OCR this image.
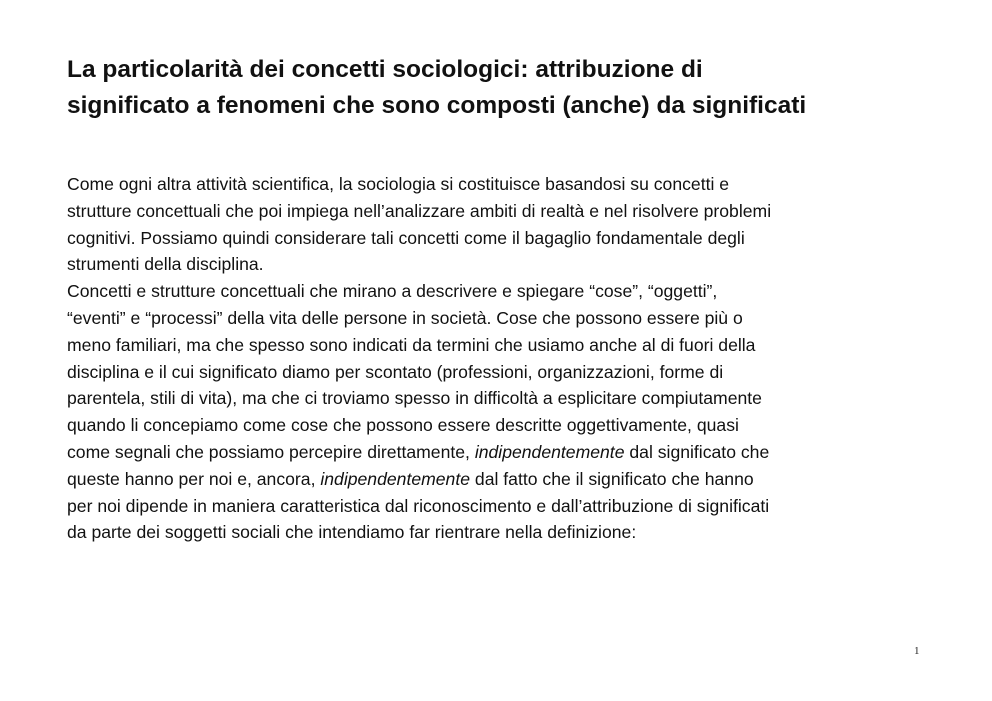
La particolarità dei concetti sociologici: attribuzione di
significato a fenomeni che sono composti (anche) da significati
Come ogni altra attività scientifica, la sociologia si costituisce basandosi su concetti e
strutture concettuali che poi impiega nell’analizzare ambiti di realtà e nel risolvere problemi
cognitivi. Possiamo quindi considerare tali concetti come il bagaglio fondamentale degli
strumenti della disciplina.
Concetti e strutture concettuali che mirano a descrivere e spiegare “cose”, “oggetti”,
“eventi” e “processi” della vita delle persone in società. Cose che possono essere più o
meno familiari, ma che spesso sono indicati da termini che usiamo anche al di fuori della
disciplina e il cui significato diamo per scontato (professioni, organizzazioni, forme di
parentela, stili di vita), ma che ci troviamo spesso in difficoltà a esplicitare compiutamente
quando li concepiamo come cose che possono essere descritte oggettivamente, quasi
come segnali che possiamo percepire direttamente, indipendentemente dal significato che
queste hanno per noi e, ancora, indipendentemente dal fatto che il significato che hanno
per noi dipende in maniera caratteristica dal riconoscimento e dall’attribuzione di significati
da parte dei soggetti sociali che intendiamo far rientrare nella definizione:
1
